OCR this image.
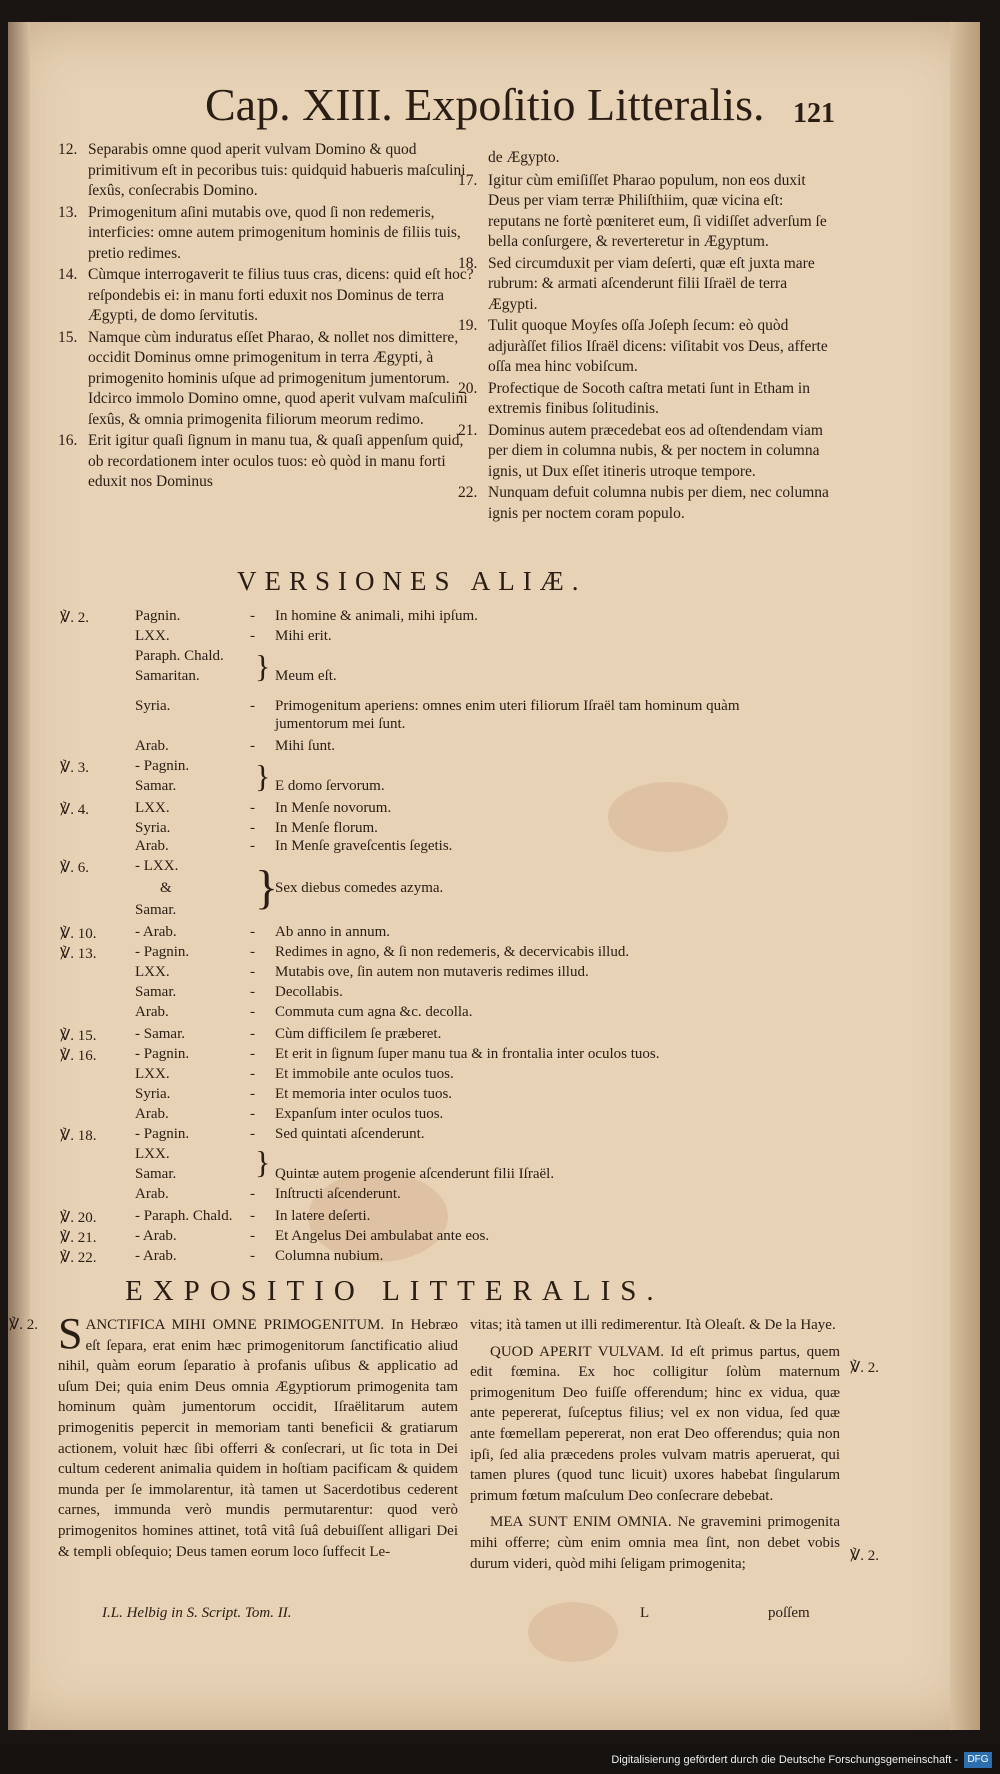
Cap. XIII. Expoſitio Litteralis. 121
12. Separabis omne quod aperit vulvam Domino & quod primitivum eſt in pecoribus tuis: quidquid habueris maſculini ſexûs, conſecrabis Domino.
13. Primogenitum aſini mutabis ove, quod ſi non redemeris, interficies: omne autem primogenitum hominis de filiis tuis, pretio redimes.
14. Cùmque interrogaverit te filius tuus cras, dicens: quid eſt hoc? reſpondebis ei: in manu forti eduxit nos Dominus de terra Ægypti, de domo ſervitutis.
15. Namque cùm induratus eſſet Pharao, & nollet nos dimittere, occidit Dominus omne primogenitum in terra Ægypti, à primogenito hominis uſque ad primogenitum jumentorum. Idcirco immolo Domino omne, quod aperit vulvam maſculini ſexûs, & omnia primogenita filiorum meorum redimo.
16. Erit igitur quaſi ſignum in manu tua, & quaſi appenſum quid, ob recordationem inter oculos tuos: eò quòd in manu forti eduxit nos Dominus
de Ægypto.
17. Igitur cùm emiſiſſet Pharao populum, non eos duxit Deus per viam terræ Philiſthiim, quæ vicina eſt: reputans ne fortè pœniteret eum, ſi vidiſſet adverſum ſe bella conſurgere, & reverteretur in Ægyptum.
18. Sed circumduxit per viam deſerti, quæ eſt juxta mare rubrum: & armati aſcenderunt filii Iſraël de terra Ægypti.
19. Tulit quoque Moyſes oſſa Joſeph ſecum: eò quòd adjuràſſet filios Iſraël dicens: viſitabit vos Deus, afferte oſſa mea hinc vobiſcum.
20. Profectique de Socoth caſtra metati ſunt in Etham in extremis finibus ſolitudinis.
21. Dominus autem præcedebat eos ad oſtendendam viam per diem in columna nubis, & per noctem in columna ignis, ut Dux eſſet itineris utroque tempore.
22. Nunquam defuit columna nubis per diem, nec columna ignis per noctem coram populo.
VERSIONES ALIÆ.
℣. 2.	Pagnin.	- In homine & animali, mihi ipſum.
LXX.	- Mihi erit.
Paraph. Chald.
Samaritan.	Meum eſt.
}
Syria.	- Primogenitum aperiens: omnes enim uteri filiorum Iſraël tam hominum quàm
jumentorum mei ſunt.
Arab.	- Mihi ſunt.
℣. 3.	- Pagnin.
Samar.	E domo ſervorum.
}
℣. 4.	LXX.	- In Menſe novorum.
Syria.	- In Menſe florum.
Arab.	- In Menſe graveſcentis ſegetis.
℣. 6.	- LXX.
&	Sex diebus comedes azyma.
Samar. }
℣. 10.	- Arab.	- Ab anno in annum.
℣. 13.	- Pagnin.	- Redimes in agno, & ſi non redemeris, & decervicabis illud.
LXX.	- Mutabis ove, ſin autem non mutaveris redimes illud.
Samar.	- Decollabis.
Arab.	- Commuta cum agna &c. decolla.
℣. 15.	- Samar.	- Cùm difficilem ſe præberet.
℣. 16.	- Pagnin.	- Et erit in ſignum ſuper manu tua & in frontalia inter oculos tuos.
LXX.	- Et immobile ante oculos tuos.
Syria.	- Et memoria inter oculos tuos.
Arab.	- Expanſum inter oculos tuos.
℣. 18.	- Pagnin.	- Sed quintati aſcenderunt.
LXX.
Samar.	Quintæ autem progenie aſcenderunt filii Iſraël.
}
Arab.	- Inſtructi aſcenderunt.
℣. 20.	- Paraph. Chald. - In latere deſerti.
℣. 21.	- Arab.	- Et Angelus Dei ambulabat ante eos.
℣. 22.	- Arab.	- Columna nubium.
EXPOSITIO LITTERALIS.
℣. 2. SANCTIFICA MIHI OMNE PRIMOGENITUM. In Hebræo eſt ſepara, erat enim hæc primogenitorum ſanctificatio aliud nihil, quàm eorum ſeparatio à profanis uſibus & applicatio ad uſum Dei; quia enim Deus omnia Ægyptiorum primogenita tam hominum quàm jumentorum occidit, Iſraëlitarum autem primogenitis pepercit in memoriam tanti beneficii & gratiarum actionem, voluit hæc ſibi offerri & conſecrari, ut ſic tota in Dei cultum cederent animalia quidem in hoſtiam pacificam & quidem munda per ſe immolarentur, ità tamen ut Sacerdotibus cederent carnes, immunda verò mundis permutarentur: quod verò primogenitos homines attinet, totâ vitâ ſuâ debuiſſent alligari Dei & templi obſequio; Deus tamen eorum loco ſuffecit Le-
vitas; ità tamen ut illi redimerentur. Ità Oleaſt. & De la Haye.
QUOD APERIT VULVAM. Id eſt primus partus, quem edit fœmina. Ex hoc colligitur ſolùm maternum primogenitum Deo fuiſſe offerendum; hinc ex vidua, quæ ante pepererat, ſuſceptus filius; vel ex non vidua, ſed quæ ante fœmellam pepererat, non erat Deo offerendus; quia non ipſi, ſed alia præcedens proles vulvam matris aperuerat, qui tamen plures (quod tunc licuit) uxores habebat ſingularum primum fœtum maſculum Deo conſecrare debebat.
MEA SUNT ENIM OMNIA. Ne gravemini primogenita mihi offerre; cùm enim omnia mea ſint, non debet vobis durum videri, quòd mihi ſeligam primogenita;
℣. 2.
℣. 2.
I.L. Helbig in S. Script. Tom. II.	L	poſſem
Digitalisierung gefördert durch die Deutsche Forschungsgemeinschaft - DFG
